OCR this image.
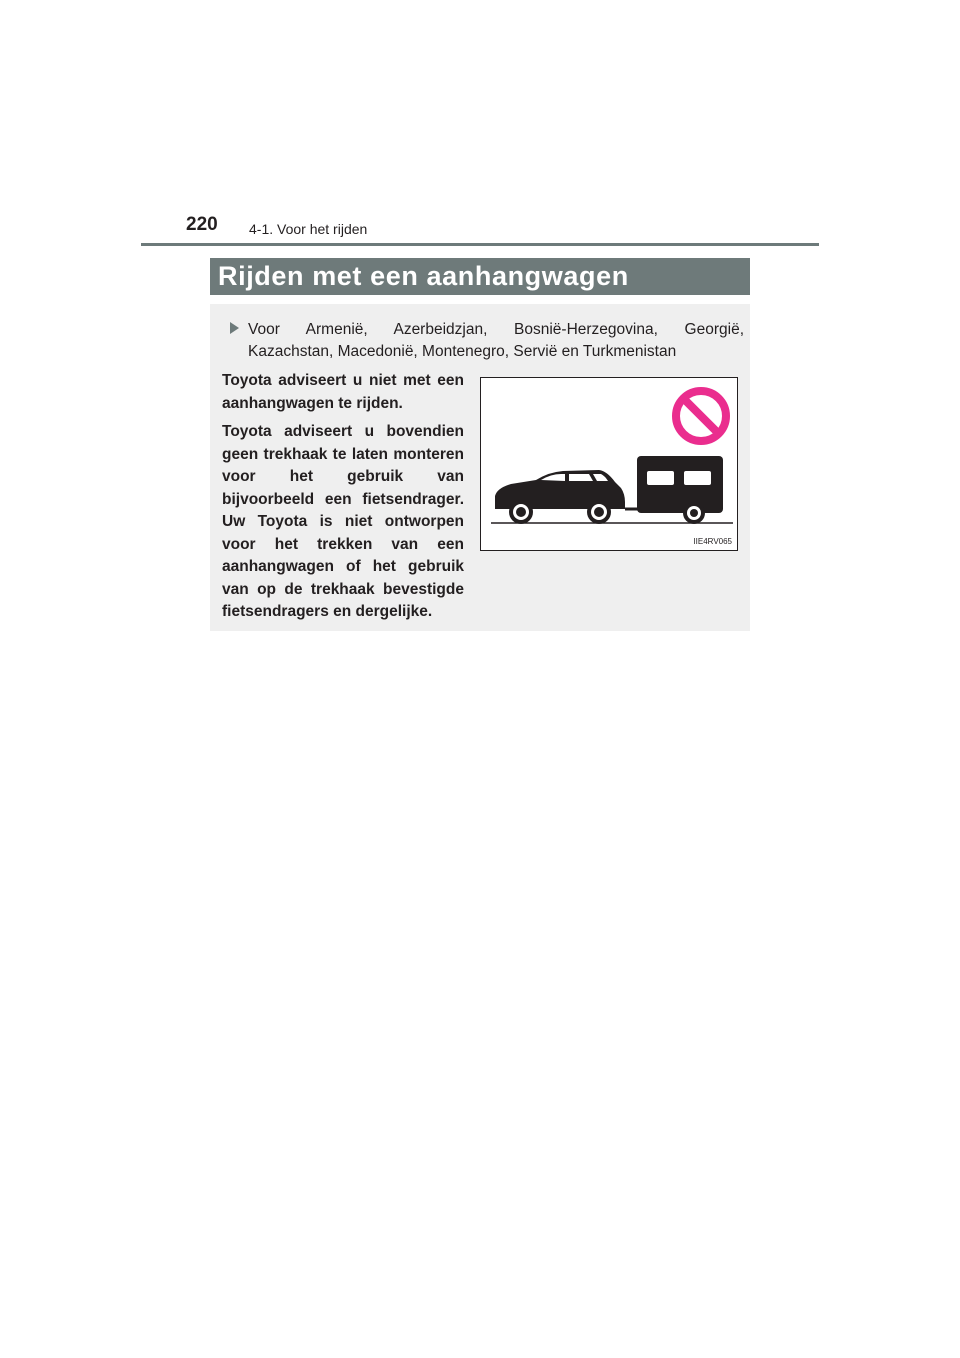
220 4-1. Voor het rijden
Rijden met een aanhangwagen
Voor Armenië, Azerbeidzjan, Bosnië-Herzegovina, Georgië, Kazachstan, Macedonië, Montenegro, Servië en Turkmenistan

Toyota adviseert u niet met een aanhangwagen te rijden.

Toyota adviseert u bovendien geen trekhaak te laten monteren voor het gebruik van bijvoorbeeld een fietsendrager. Uw Toyota is niet ontworpen voor het trekken van een aanhangwagen of het gebruik van op de trekhaak bevestigde fietsendragers en dergelijke.

IIE4RV065
